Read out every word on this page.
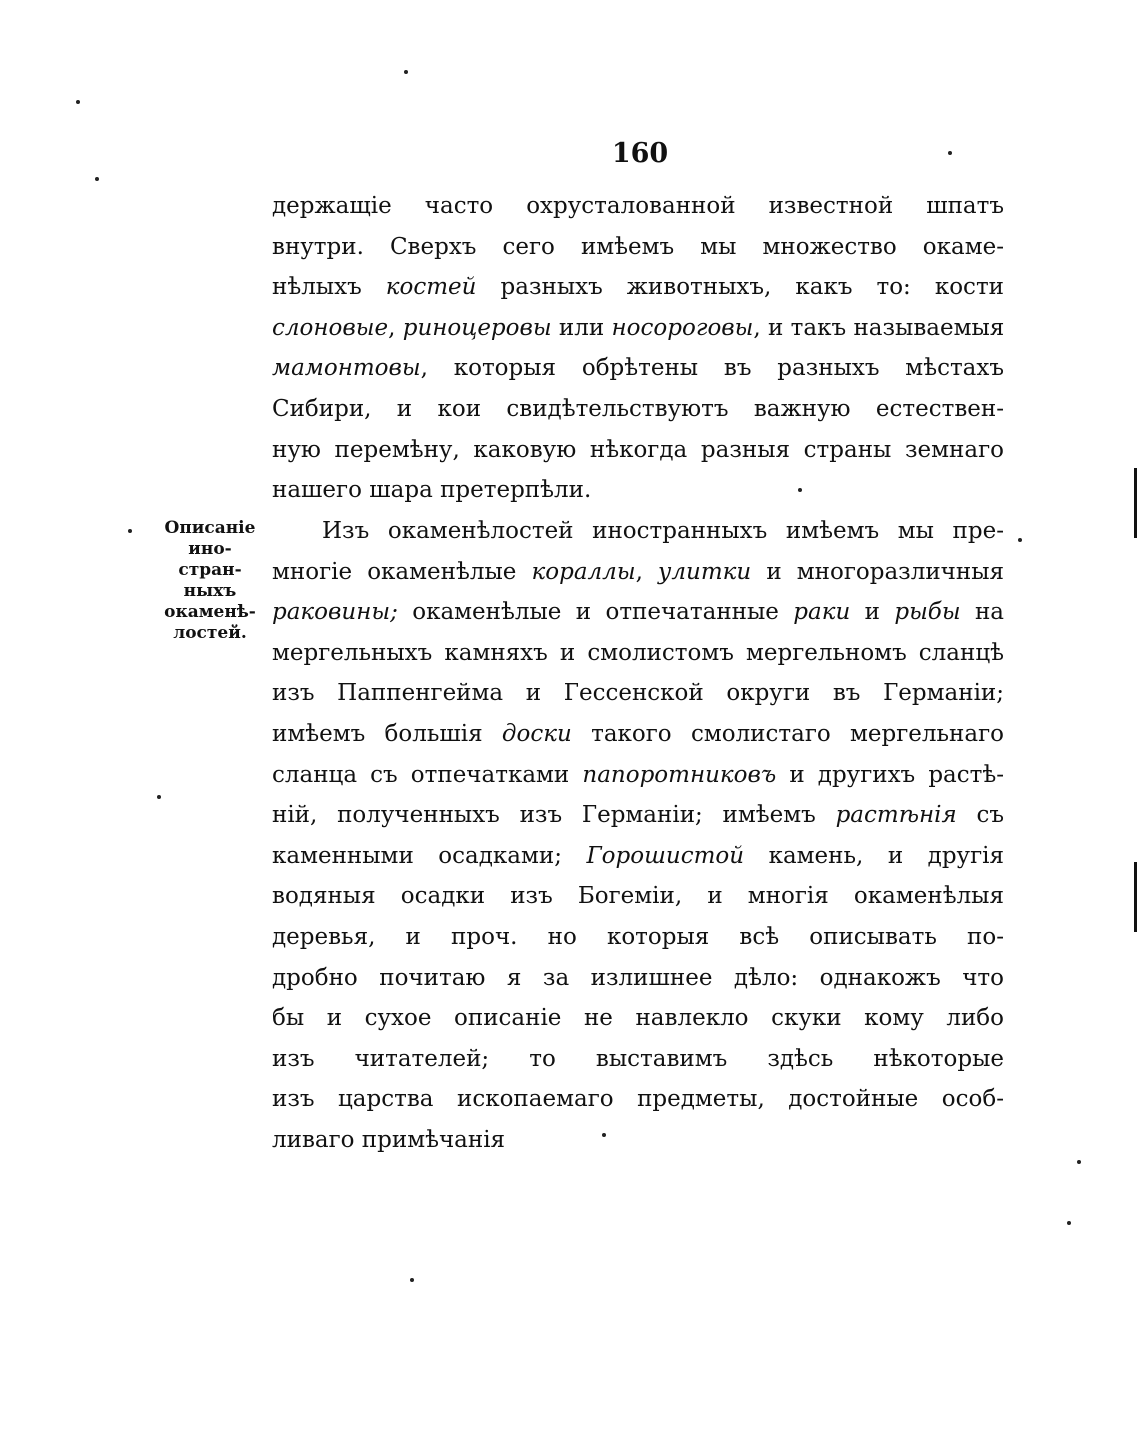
160
Описаніе
ино-
стран-
ныхъ
окаменѣ-
лостей.
держащіе часто охрусталованной известной шпатъ
внутри. Сверхъ сего имѣемъ мы множество окаме-
нѣлыхъ костей разныхъ животныхъ, какъ то: кости
слоновые, риноцеровы или носороговы, и такъ называемыя
мамонтовы, которыя обрѣтены въ разныхъ мѣстахъ
Сибири, и кои свидѣтельствуютъ важную естествен-
ную перемѣну, каковую нѣкогда разныя страны земнаго
нашего шара претерпѣли.
Изъ окаменѣлостей иностранныхъ имѣемъ мы пре-
многіе окаменѣлые кораллы, улитки и многоразличныя
раковины; окаменѣлые и отпечатанные раки и рыбы на
мергельныхъ камняхъ и смолистомъ мергельномъ сланцѣ
изъ Паппенгейма и Гессенской округи въ Германіи;
имѣемъ большія доски такого смолистаго мергельнаго
сланца съ отпечатками папоротниковъ и другихъ растѣ-
ній, полученныхъ изъ Германіи; имѣемъ растѣнія съ
каменными осадками; Горошистой камень, и другія
водяныя осадки изъ Богеміи, и многія окаменѣлыя
деревья, и проч. но которыя всѣ описывать по-
дробно почитаю я за излишнее дѣло: однакожъ что
бы и сухое описаніе не навлекло скуки кому либо
изъ читателей; то выставимъ здѣсь нѣкоторые
изъ царства ископаемаго предметы, достойные особ-
ливаго примѣчанія
